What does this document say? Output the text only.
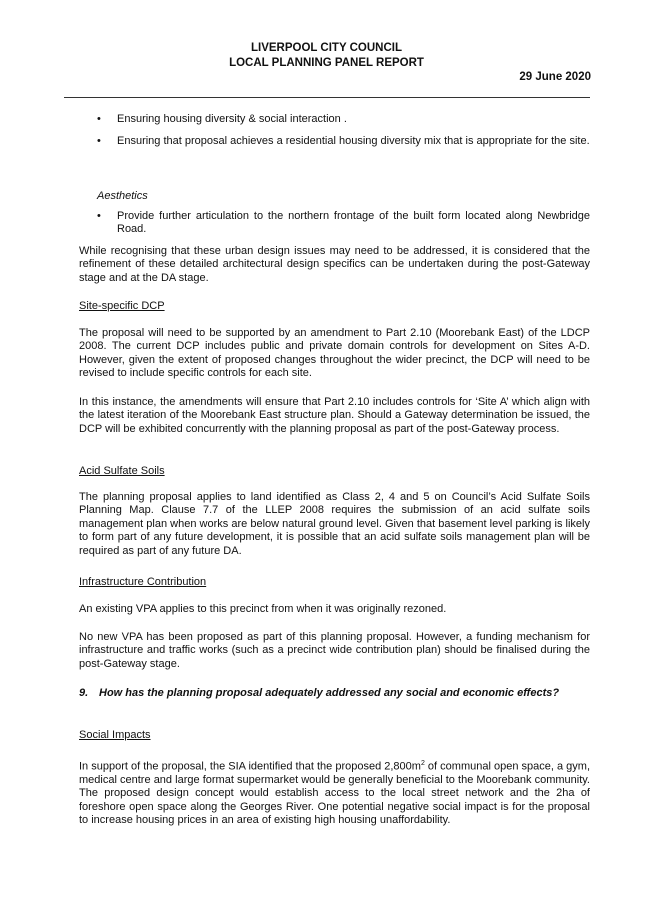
LIVERPOOL CITY COUNCIL
LOCAL PLANNING PANEL REPORT
29 June 2020
• Ensuring housing diversity & social interaction .
• Ensuring that proposal achieves a residential housing diversity mix that is appropriate for the site.
Aesthetics
• Provide further articulation to the northern frontage of the built form located along Newbridge Road.
While recognising that these urban design issues may need to be addressed, it is considered that the refinement of these detailed architectural design specifics can be undertaken during the post-Gateway stage and at the DA stage.
Site-specific DCP
The proposal will need to be supported by an amendment to Part 2.10 (Moorebank East) of the LDCP 2008. The current DCP includes public and private domain controls for development on Sites A-D. However, given the extent of proposed changes throughout the wider precinct, the DCP will need to be revised to include specific controls for each site.
In this instance, the amendments will ensure that Part 2.10 includes controls for ‘Site A’ which align with the latest iteration of the Moorebank East structure plan. Should a Gateway determination be issued, the DCP will be exhibited concurrently with the planning proposal as part of the post-Gateway process.
Acid Sulfate Soils
The planning proposal applies to land identified as Class 2, 4 and 5 on Council’s Acid Sulfate Soils Planning Map. Clause 7.7 of the LLEP 2008 requires the submission of an acid sulfate soils management plan when works are below natural ground level. Given that basement level parking is likely to form part of any future development, it is possible that an acid sulfate soils management plan will be required as part of any future DA.
Infrastructure Contribution
An existing VPA applies to this precinct from when it was originally rezoned.
No new VPA has been proposed as part of this planning proposal. However, a funding mechanism for infrastructure and traffic works (such as a precinct wide contribution plan) should be finalised during the post-Gateway stage.
9. How has the planning proposal adequately addressed any social and economic effects?
Social Impacts
In support of the proposal, the SIA identified that the proposed $2,800m^2$ of communal open space, a gym, medical centre and large format supermarket would be generally beneficial to the Moorebank community. The proposed design concept would establish access to the local street network and the 2ha of foreshore open space along the Georges River. One potential negative social impact is for the proposal to increase housing prices in an area of existing high housing unaffordability.
